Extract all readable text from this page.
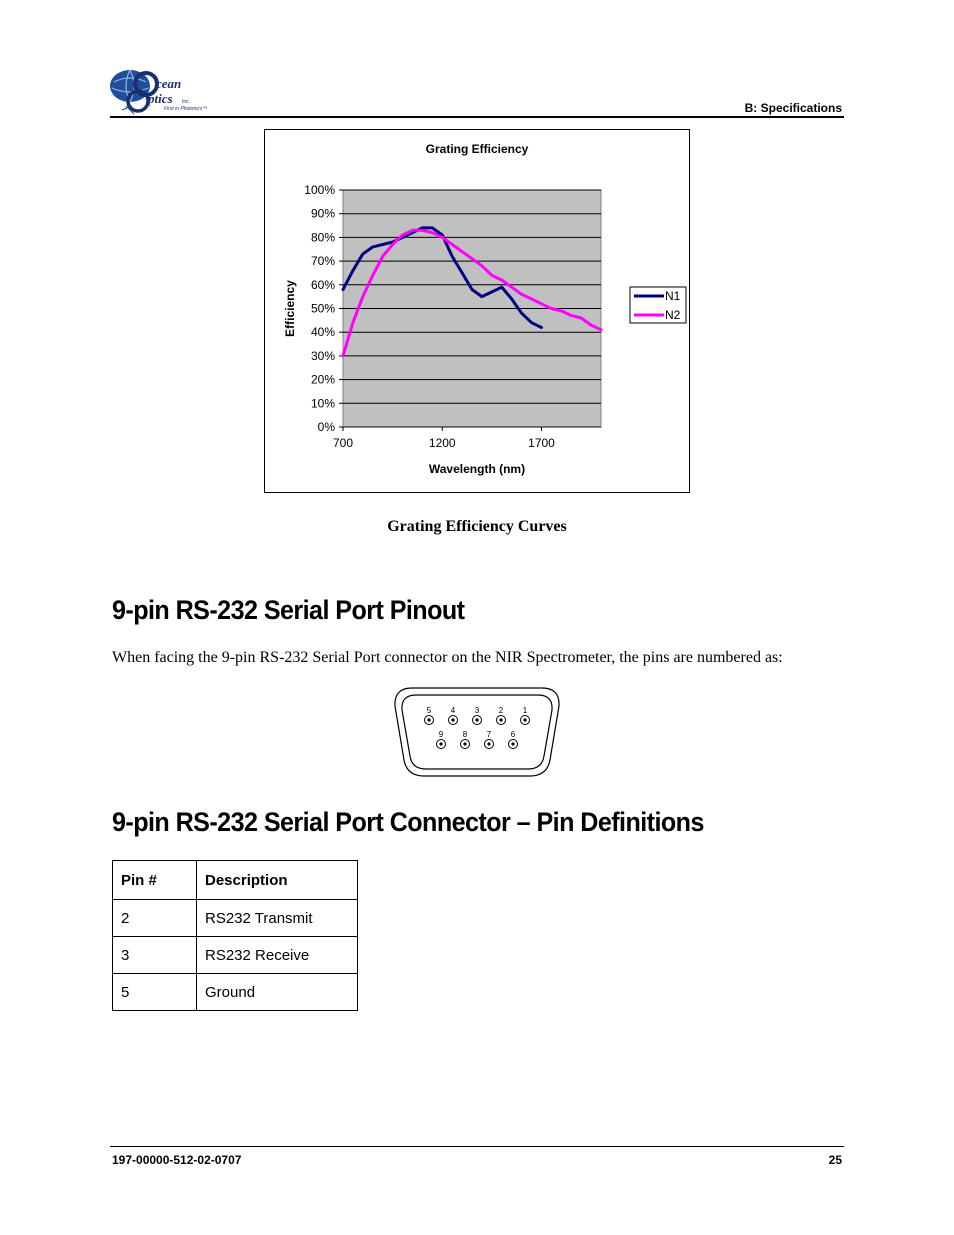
cean
ptics Inc.
First in Photonics™	B: Specifications
0%
10%
20%
30%
40%
50%
60%
70%
80%
90%
100%
700	1200	1700
Grating Efficiency
Wavelength (nm)
Efficiency	N1
N2
Grating Efficiency Curves
9-pin RS-232 Serial Port Pinout
When facing the 9-pin RS-232 Serial Port connector on the NIR Spectrometer, the pins are numbered as:
5 4 3 2 1
9 8 7 6
9-pin RS-232 Serial Port Connector – Pin Definitions
Pin #	Description
2	RS232 Transmit
3	RS232 Receive
5	Ground
197-00000-512-02-0707	25
